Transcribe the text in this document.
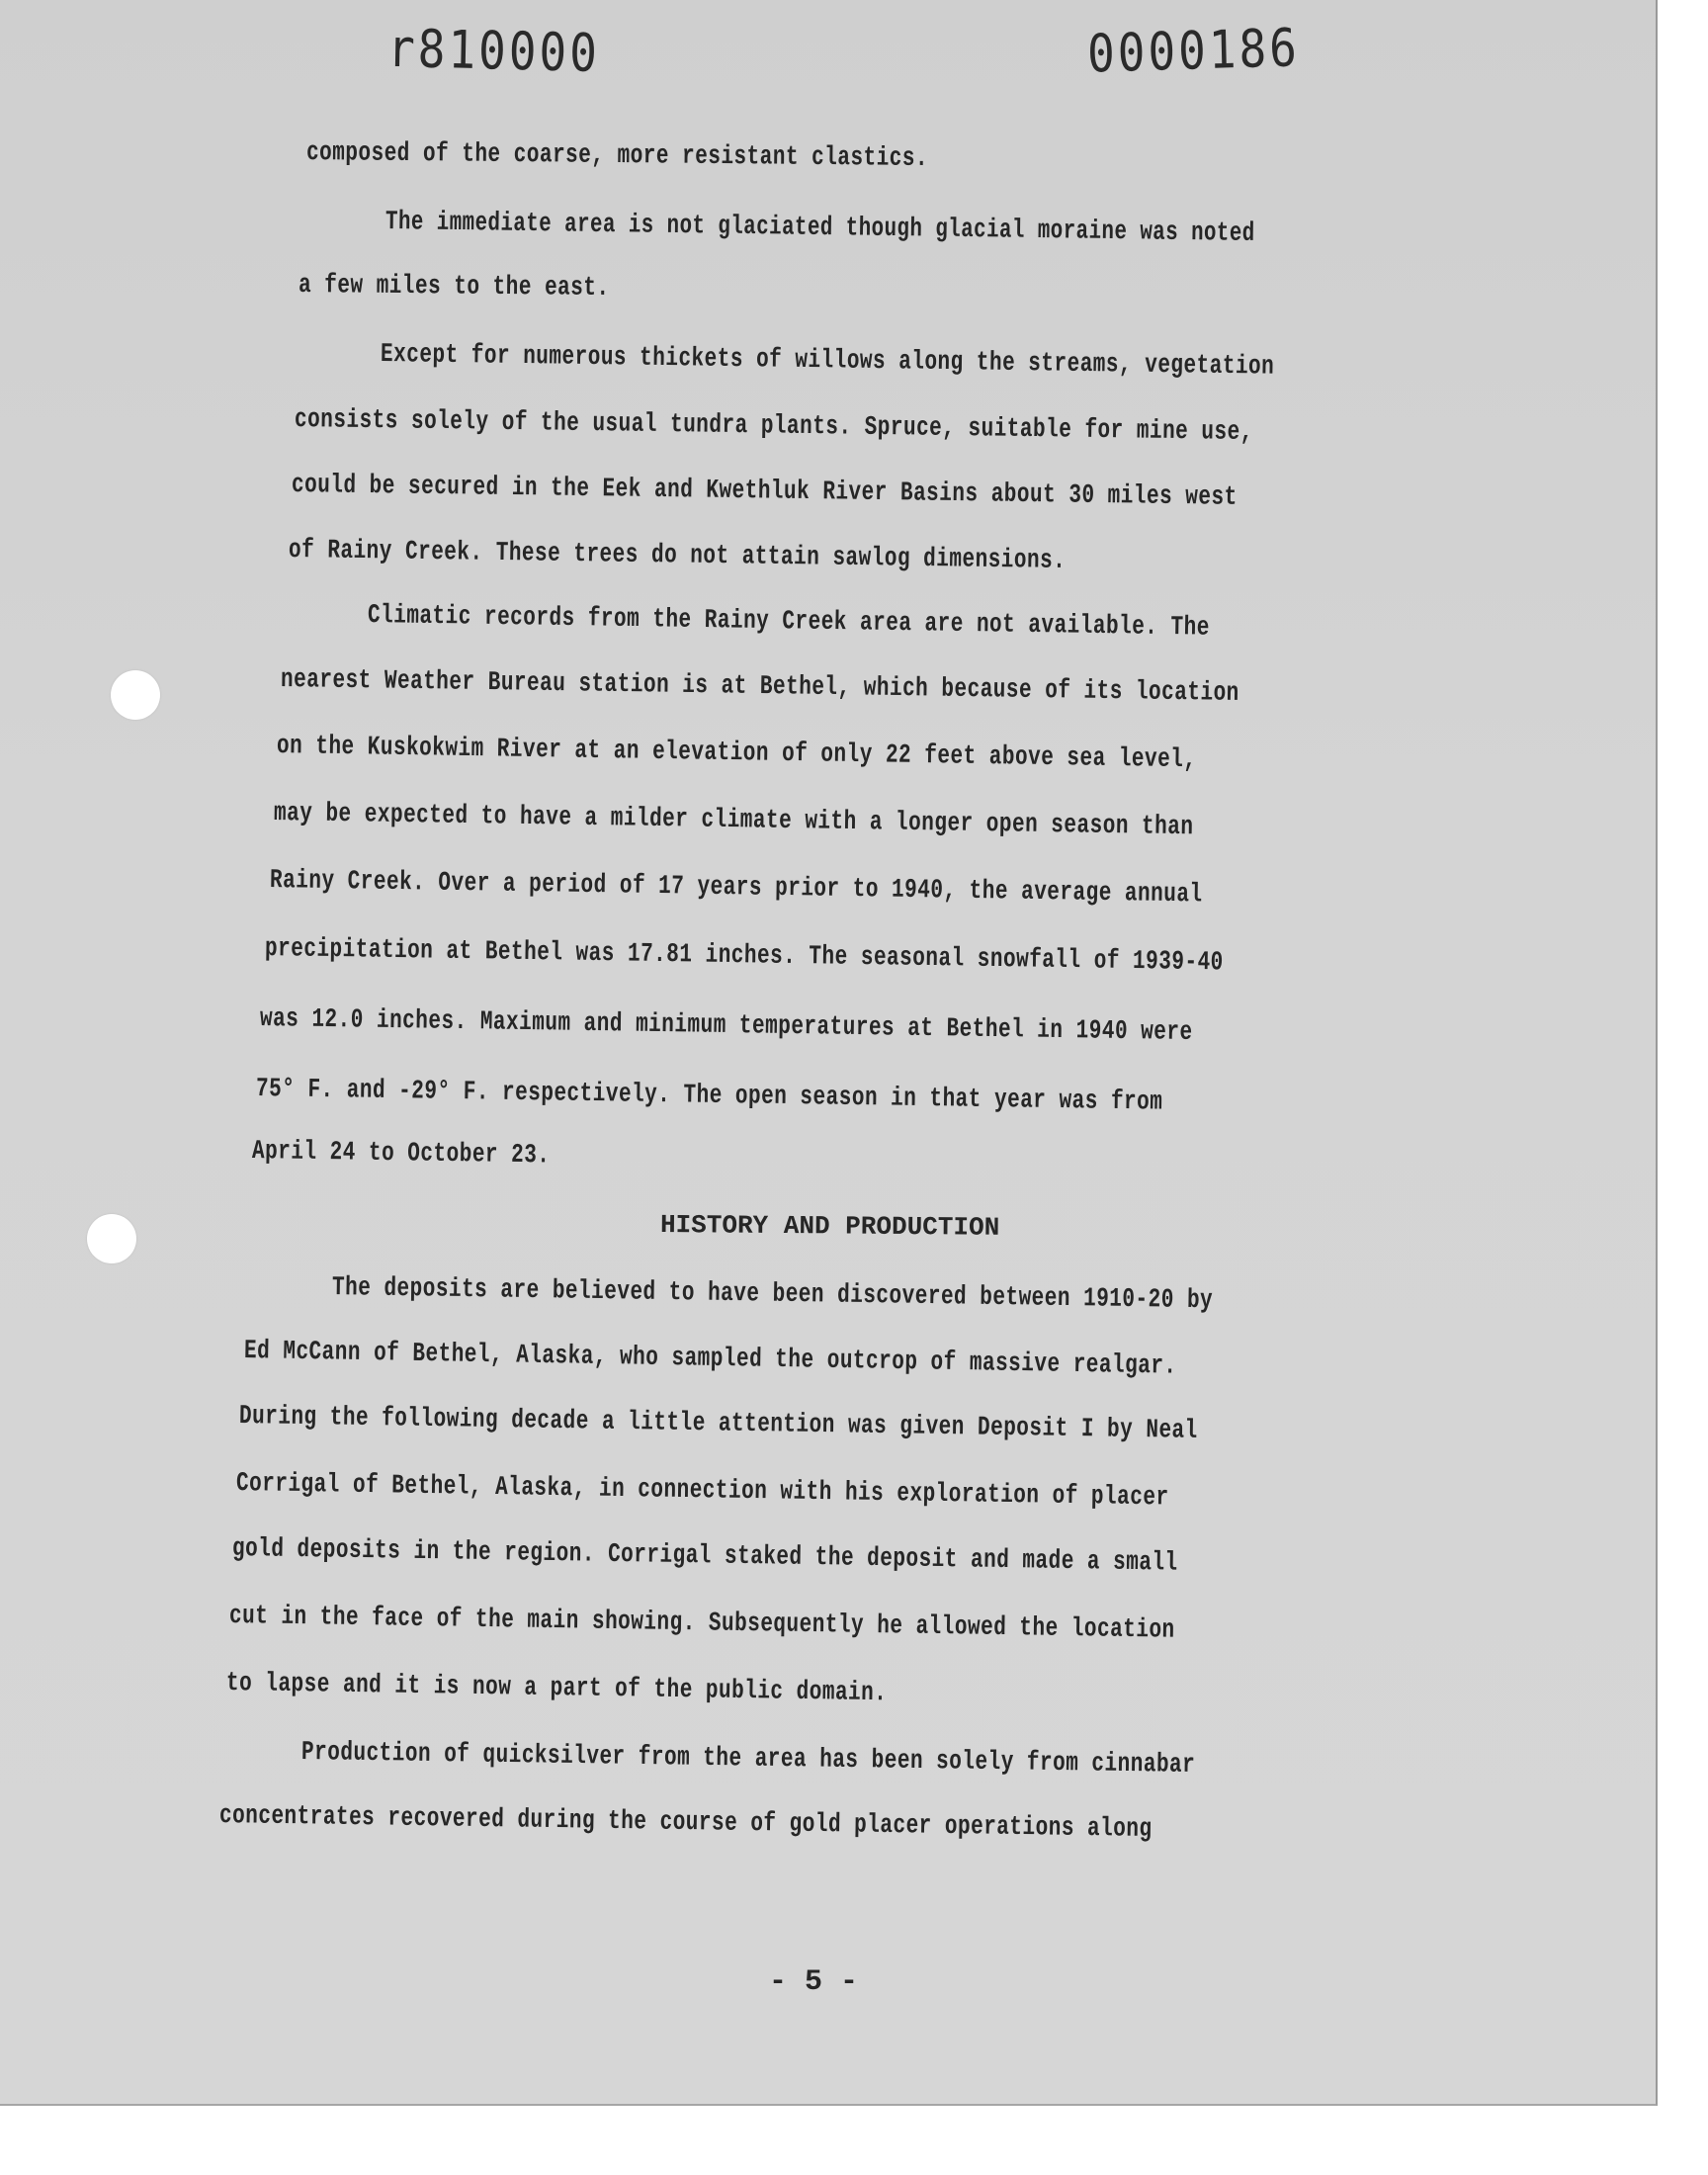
r810000	0000186
composed of the coarse, more resistant clastics.
The immediate area is not glaciated though glacial moraine was noted
a few miles to the east.
Except for numerous thickets of willows along the streams, vegetation
consists solely of the usual tundra plants. Spruce, suitable for mine use,
could be secured in the Eek and Kwethluk River Basins about 30 miles west
of Rainy Creek. These trees do not attain sawlog dimensions.
Climatic records from the Rainy Creek area are not available. The
nearest Weather Bureau station is at Bethel, which because of its location
on the Kuskokwim River at an elevation of only 22 feet above sea level,
may be expected to have a milder climate with a longer open season than
Rainy Creek. Over a period of 17 years prior to 1940, the average annual
precipitation at Bethel was 17.81 inches. The seasonal snowfall of 1939-40
was 12.0 inches. Maximum and minimum temperatures at Bethel in 1940 were
75° F. and -29° F. respectively. The open season in that year was from
April 24 to October 23.
HISTORY AND PRODUCTION
The deposits are believed to have been discovered between 1910-20 by
Ed McCann of Bethel, Alaska, who sampled the outcrop of massive realgar.
During the following decade a little attention was given Deposit I by Neal
Corrigal of Bethel, Alaska, in connection with his exploration of placer
gold deposits in the region. Corrigal staked the deposit and made a small
cut in the face of the main showing. Subsequently he allowed the location
to lapse and it is now a part of the public domain.
Production of quicksilver from the area has been solely from cinnabar
concentrates recovered during the course of gold placer operations along
- 5 -
